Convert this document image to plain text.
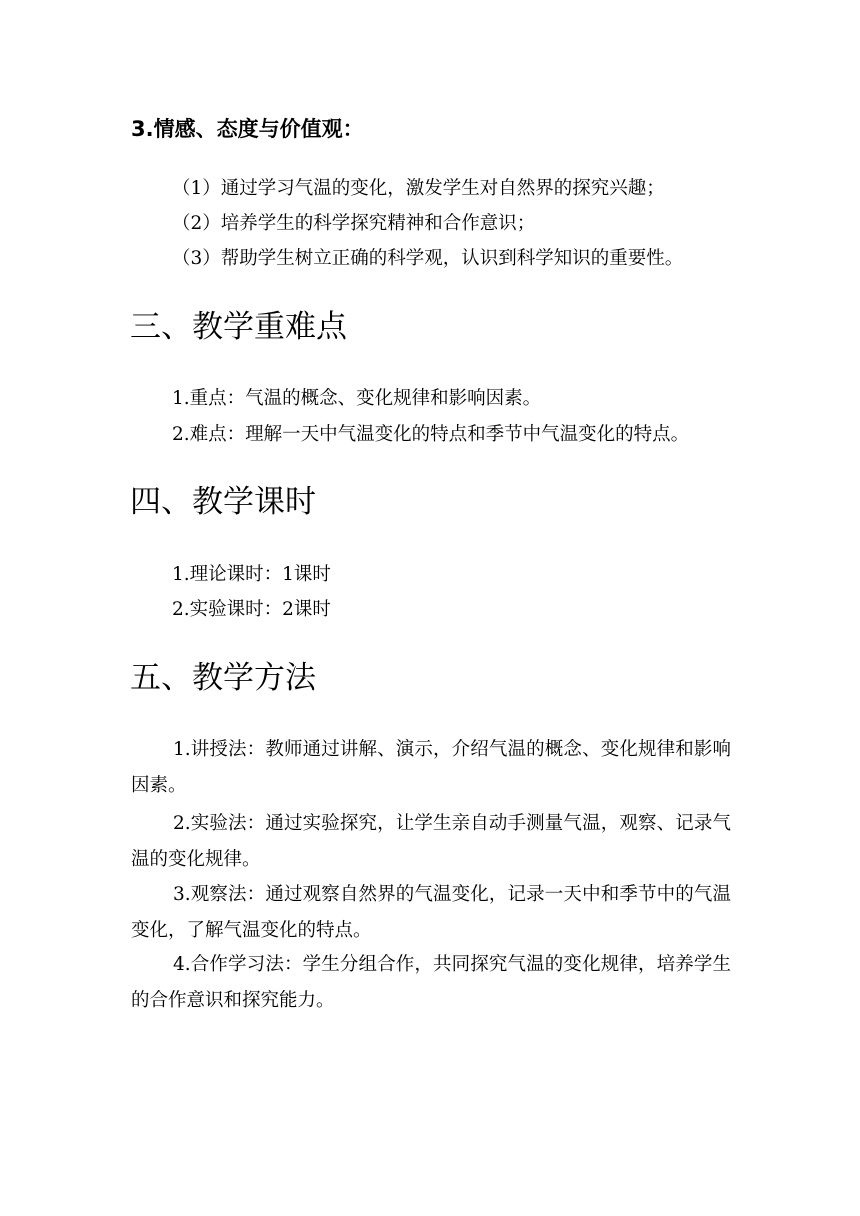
3.情感、态度与价值观：
（1）通过学习气温的变化，激发学生对自然界的探究兴趣；
（2）培养学生的科学探究精神和合作意识；
（3）帮助学生树立正确的科学观，认识到科学知识的重要性。
三、教学重难点
1.重点：气温的概念、变化规律和影响因素。
2.难点：理解一天中气温变化的特点和季节中气温变化的特点。
四、教学课时
1.理论课时：1课时
2.实验课时：2课时
五、教学方法

1.讲授法：教师通过讲解、演示，介绍气温的概念、变化规律和影响因素。

2.实验法：通过实验探究，让学生亲自动手测量气温，观察、记录气温的变化规律。

3.观察法：通过观察自然界的气温变化，记录一天中和季节中的气温变化，了解气温变化的特点。

4.合作学习法：学生分组合作，共同探究气温的变化规律，培养学生的合作意识和探究能力。
